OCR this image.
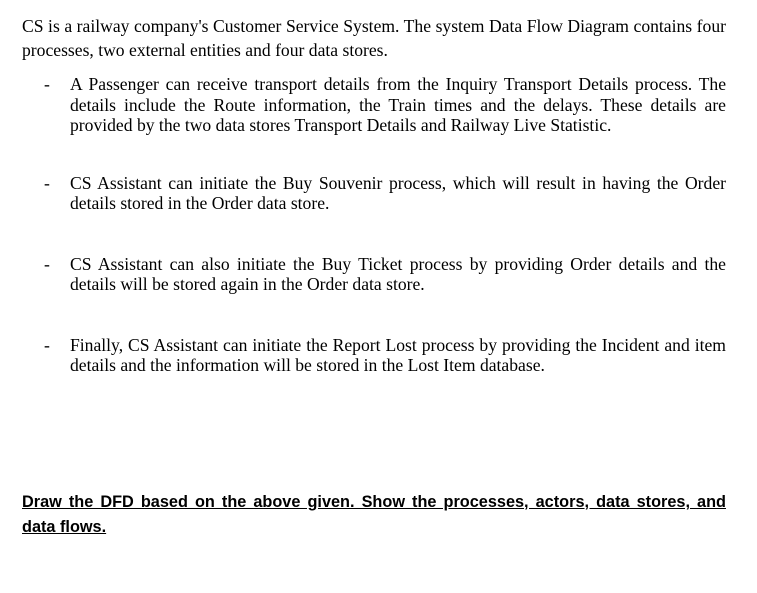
CS is a railway company's Customer Service System. The system Data Flow Diagram contains four processes, two external entities and four data stores.

- A Passenger can receive transport details from the Inquiry Transport Details process. The details include the Route information, the Train times and the delays. These details are provided by the two data stores Transport Details and Railway Live Statistic.
- CS Assistant can initiate the Buy Souvenir process, which will result in having the Order details stored in the Order data store.
- CS Assistant can also initiate the Buy Ticket process by providing Order details and the details will be stored again in the Order data store.
- Finally, CS Assistant can initiate the Report Lost process by providing the Incident and item details and the information will be stored in the Lost Item database.

Draw the DFD based on the above given. Show the processes, actors, data stores, and data flows.
